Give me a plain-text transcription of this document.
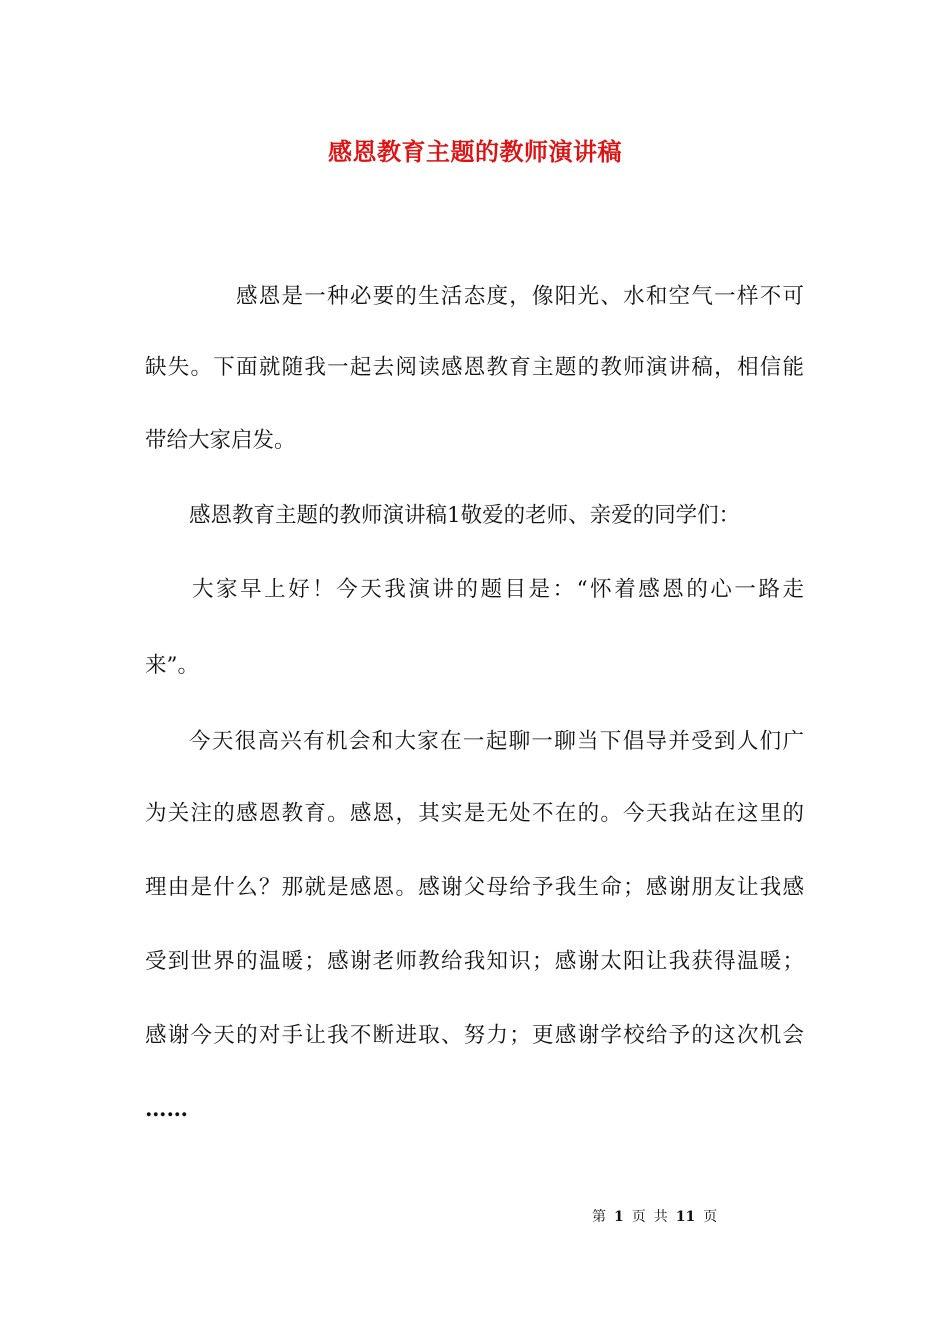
感恩教育主题的教师演讲稿
感恩是一种必要的生活态度，像阳光、水和空气一样不可
缺失。下面就随我一起去阅读感恩教育主题的教师演讲稿，相信能
带给大家启发。
感恩教育主题的教师演讲稿1敬爱的老师、亲爱的同学们：
大家早上好！今天我演讲的题目是：“怀着感恩的心一路走
来”。
今天很高兴有机会和大家在一起聊一聊当下倡导并受到人们广
为关注的感恩教育。感恩，其实是无处不在的。今天我站在这里的
理由是什么？那就是感恩。感谢父母给予我生命；感谢朋友让我感
受到世界的温暖；感谢老师教给我知识；感谢太阳让我获得温暖；
感谢今天的对手让我不断进取、努力；更感谢学校给予的这次机会
……
第 1 页 共 11 页
